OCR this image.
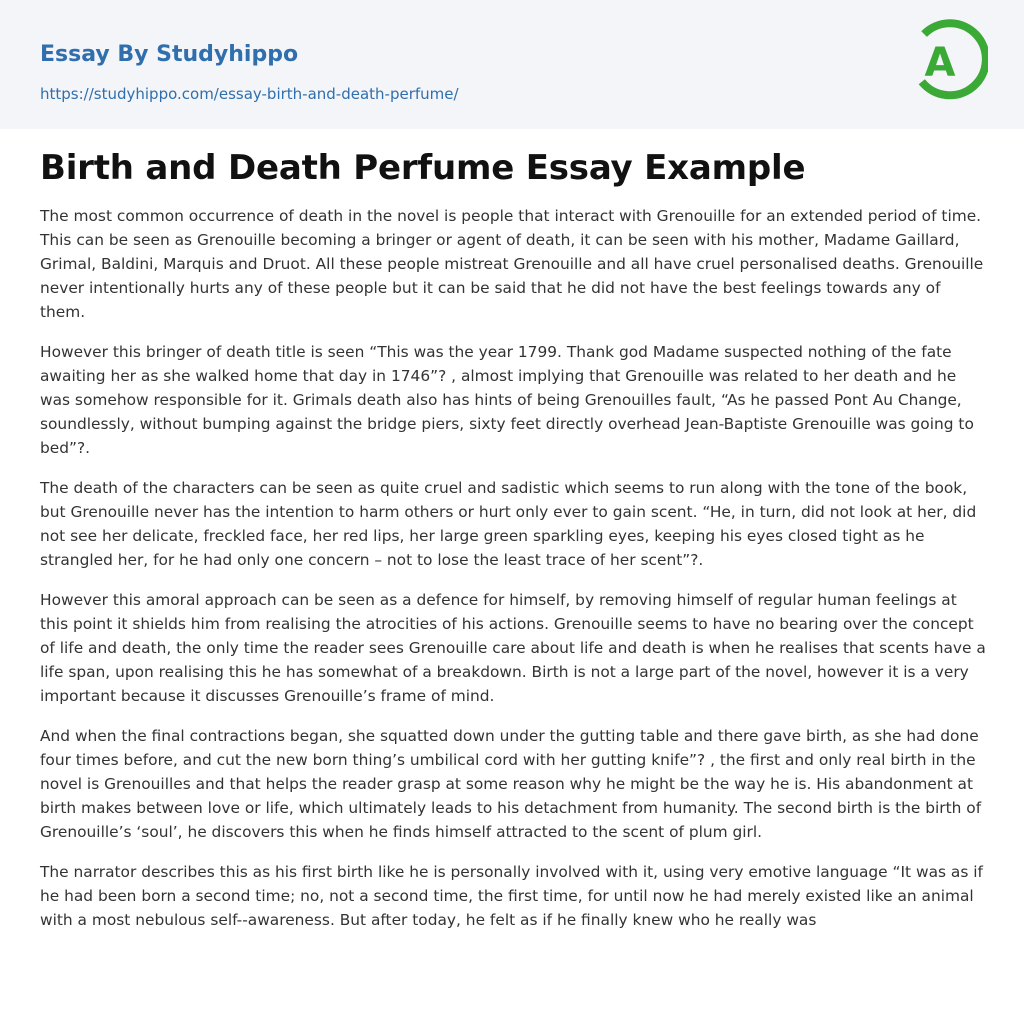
Essay By Studyhippo
https://studyhippo.com/essay-birth-and-death-perfume/
A
Birth and Death Perfume Essay Example

The most common occurrence of death in the novel is people that interact with Grenouille for an extended period of time. This can be seen as Grenouille becoming a bringer or agent of death, it can be seen with his mother, Madame Gaillard, Grimal, Baldini, Marquis and Druot. All these people mistreat Grenouille and all have cruel personalised deaths. Grenouille never intentionally hurts any of these people but it can be said that he did not have the best feelings towards any of them.

However this bringer of death title is seen “This was the year 1799. Thank god Madame suspected nothing of the fate awaiting her as she walked home that day in 1746”? , almost implying that Grenouille was related to her death and he was somehow responsible for it. Grimals death also has hints of being Grenouilles fault, “As he passed Pont Au Change, soundlessly, without bumping against the bridge piers, sixty feet directly overhead Jean-Baptiste Grenouille was going to bed”?.

The death of the characters can be seen as quite cruel and sadistic which seems to run along with the tone of the book, but Grenouille never has the intention to harm others or hurt only ever to gain scent. “He, in turn, did not look at her, did not see her delicate, freckled face, her red lips, her large green sparkling eyes, keeping his eyes closed tight as he strangled her, for he had only one concern – not to lose the least trace of her scent”?.

However this amoral approach can be seen as a defence for himself, by removing himself of regular human feelings at this point it shields him from realising the atrocities of his actions. Grenouille seems to have no bearing over the concept of life and death, the only time the reader sees Grenouille care about life and death is when he realises that scents have a life span, upon realising this he has somewhat of a breakdown. Birth is not a large part of the novel, however it is a very important because it discusses Grenouille’s frame of mind.

And when the final contractions began, she squatted down under the gutting table and there gave birth, as she had done four times before, and cut the new born thing’s umbilical cord with her gutting knife”? , the first and only real birth in the novel is Grenouilles and that helps the reader grasp at some reason why he might be the way he is. His abandonment at birth makes between love or life, which ultimately leads to his detachment from humanity. The second birth is the birth of Grenouille’s ‘soul’, he discovers this when he finds himself attracted to the scent of plum girl.

The narrator describes this as his first birth like he is personally involved with it, using very emotive language “It was as if he had been born a second time; no, not a second time, the first time, for until now he had merely existed like an animal with a most nebulous self--awareness. But after today, he felt as if he finally knew who he really was
